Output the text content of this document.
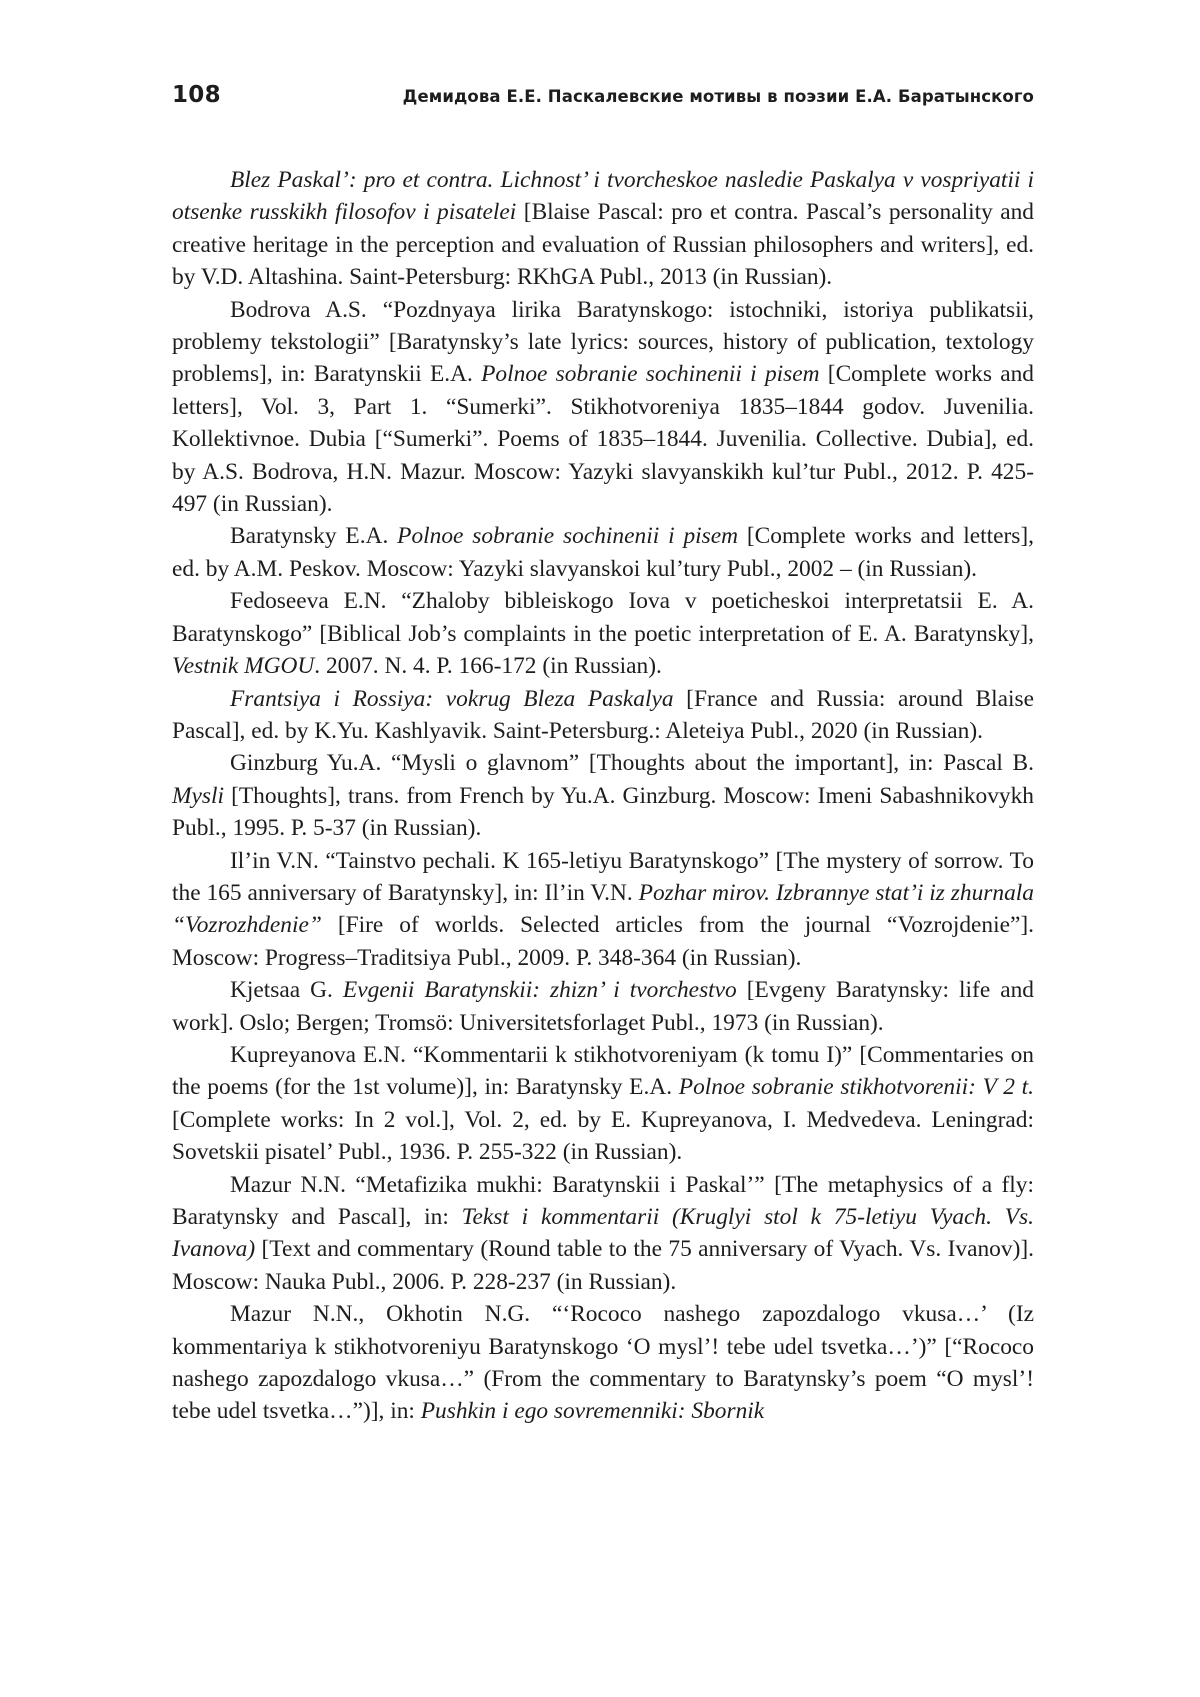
108	Демидова Е.Е. Паскалевские мотивы в поэзии Е.А. Баратынского

Blez Paskal’: pro et contra. Lichnost’ i tvorcheskoe nasledie Paskalya v vospriyatii i otsenke russkikh filosofov i pisatelei [Blaise Pascal: pro et contra. Pascal’s personality and creative heritage in the perception and evaluation of Russian philosophers and writers], ed. by V.D. Altashina. Saint-Petersburg: RKhGA Publ., 2013 (in Russian).

Bodrova A.S. “Pozdnyaya lirika Baratynskogo: istochniki, istoriya publikatsii, problemy tekstologii” [Baratynsky’s late lyrics: sources, history of publication, textology problems], in: Baratynskii E.A. Polnoe sobranie sochinenii i pisem [Complete works and letters], Vol. 3, Part 1. “Sumerki”. Stikhotvoreniya 1835–1844 godov. Juvenilia. Kollektivnoe. Dubia [“Sumerki”. Poems of 1835–1844. Juvenilia. Collective. Dubia], ed. by A.S. Bodrova, H.N. Mazur. Moscow: Yazyki slavyanskikh kul’tur Publ., 2012. P. 425-497 (in Russian).

Baratynsky E.A. Polnoe sobranie sochinenii i pisem [Complete works and letters], ed. by A.M. Peskov. Moscow: Yazyki slavyanskoi kul’tury Publ., 2002 – (in Russian).

Fedoseeva E.N. “Zhaloby bibleiskogo Iova v poeticheskoi interpretatsii E. A. Baratynskogo” [Biblical Job’s complaints in the poetic interpretation of E. A. Baratynsky], Vestnik MGOU. 2007. N. 4. P. 166-172 (in Russian).

Frantsiya i Rossiya: vokrug Bleza Paskalya [France and Russia: around Blaise Pascal], ed. by K.Yu. Kashlyavik. Saint-Petersburg.: Aleteiya Publ., 2020 (in Russian).

Ginzburg Yu.A. “Mysli o glavnom” [Thoughts about the important], in: Pascal B. Mysli [Thoughts], trans. from French by Yu.A. Ginzburg. Moscow: Imeni Sabashnikovykh Publ., 1995. P. 5-37 (in Russian).

Il’in V.N. “Tainstvo pechali. K 165-letiyu Baratynskogo” [The mystery of sorrow. To the 165 anniversary of Baratynsky], in: Il’in V.N. Pozhar mirov. Izbrannye stat’i iz zhurnala “Vozrozhdenie” [Fire of worlds. Selected articles from the journal “Vozrojdenie”]. Moscow: Progress–Traditsiya Publ., 2009. P. 348-364 (in Russian).

Kjetsaa G. Evgenii Baratynskii: zhizn’ i tvorchestvo [Evgeny Baratynsky: life and work]. Oslo; Bergen; Tromsö: Universitetsforlaget Publ., 1973 (in Russian).

Kupreyanova E.N. “Kommentarii k stikhotvoreniyam (k tomu I)” [Commentaries on the poems (for the 1st volume)], in: Baratynsky E.A. Polnoe sobranie stikhotvorenii: V 2 t. [Complete works: In 2 vol.], Vol. 2, ed. by E. Kupreyanova, I. Medvedeva. Leningrad: Sovetskii pisatel’ Publ., 1936. P. 255-322 (in Russian).

Mazur N.N. “Metafizika mukhi: Baratynskii i Paskal’” [The metaphysics of a fly: Baratynsky and Pascal], in: Tekst i kommentarii (Kruglyi stol k 75-letiyu Vyach. Vs. Ivanova) [Text and commentary (Round table to the 75 anniversary of Vyach. Vs. Ivanov)]. Moscow: Nauka Publ., 2006. P. 228-237 (in Russian).

Mazur N.N., Okhotin N.G. “‘Rococo nashego zapozdalogo vkusa…’ (Iz kommentariya k stikhotvoreniyu Baratynskogo ‘O mysl’! tebe udel tsvetka…’)” [“Rococo nashego zapozdalogo vkusa…” (From the commentary to Baratynsky’s poem “O mysl’! tebe udel tsvetka…”)], in: Pushkin i ego sovremenniki: Sbornik
